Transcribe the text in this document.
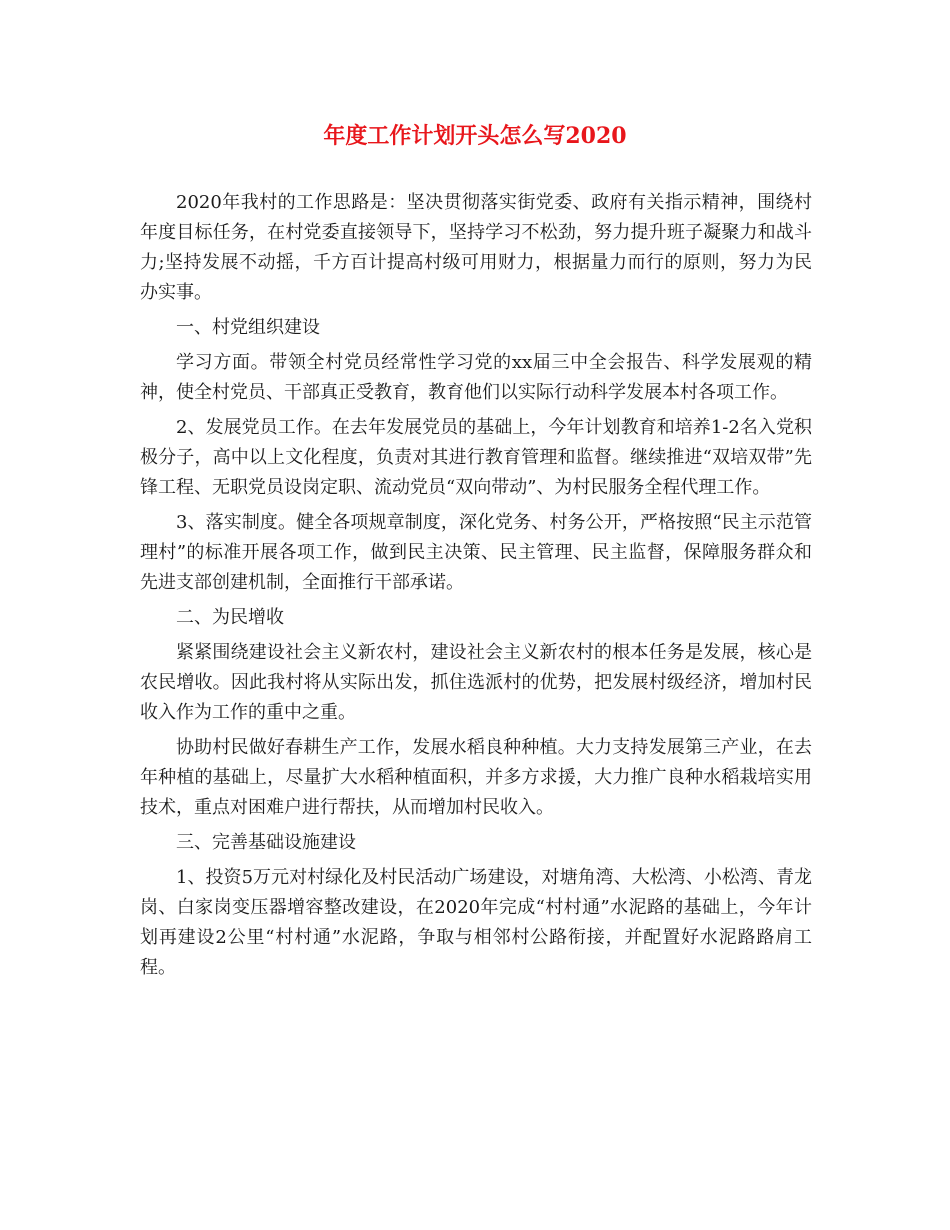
年度工作计划开头怎么写2020

2020年我村的工作思路是：坚决贯彻落实街党委、政府有关指示精神，围绕村年度目标任务，在村党委直接领导下，坚持学习不松劲，努力提升班子凝聚力和战斗力;坚持发展不动摇，千方百计提高村级可用财力，根据量力而行的原则，努力为民办实事。

一、村党组织建设

学习方面。带领全村党员经常性学习党的xx届三中全会报告、科学发展观的精神，使全村党员、干部真正受教育，教育他们以实际行动科学发展本村各项工作。

2、发展党员工作。在去年发展党员的基础上，今年计划教育和培养1-2名入党积极分子，高中以上文化程度，负责对其进行教育管理和监督。继续推进“双培双带”先锋工程、无职党员设岗定职、流动党员“双向带动”、为村民服务全程代理工作。

3、落实制度。健全各项规章制度，深化党务、村务公开，严格按照“民主示范管理村”的标准开展各项工作，做到民主决策、民主管理、民主监督，保障服务群众和先进支部创建机制，全面推行干部承诺。

二、为民增收

紧紧围绕建设社会主义新农村，建设社会主义新农村的根本任务是发展，核心是农民增收。因此我村将从实际出发，抓住选派村的优势，把发展村级经济，增加村民收入作为工作的重中之重。

协助村民做好春耕生产工作，发展水稻良种种植。大力支持发展第三产业，在去年种植的基础上，尽量扩大水稻种植面积，并多方求援，大力推广良种水稻栽培实用技术，重点对困难户进行帮扶，从而增加村民收入。

三、完善基础设施建设

1、投资5万元对村绿化及村民活动广场建设，对塘角湾、大松湾、小松湾、青龙岗、白家岗变压器增容整改建设，在2020年完成“村村通”水泥路的基础上，今年计划再建设2公里“村村通”水泥路，争取与相邻村公路衔接，并配置好水泥路路肩工程。
